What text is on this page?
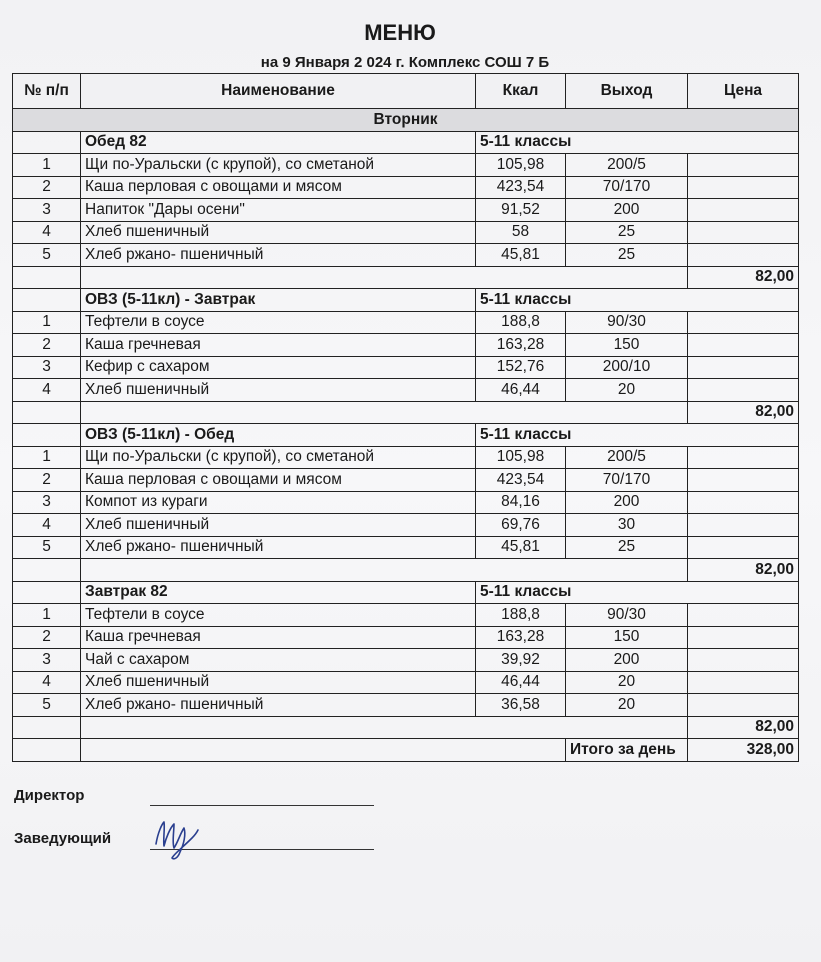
МЕНЮ
на 9 Января 2 024 г. Комплекс СОШ 7 Б
№ п/п	Наименование	Ккал	Выход	Цена
Вторник				
	Обед 82	5-11 классы		
1	Щи по-Уральски (с крупой), со сметаной	105,98	200/5	
2	Каша перловая с овощами и мясом	423,54	70/170	
3	Напиток "Дары осени"	91,52	200	
4	Хлеб пшеничный	58	25	
5	Хлеб ржано- пшеничный	45,81	25	
				82,00
	ОВЗ (5-11кл) - Завтрак	5-11 классы		
1	Тефтели в соусе	188,8	90/30	
2	Каша гречневая	163,28	150	
3	Кефир с сахаром	152,76	200/10	
4	Хлеб пшеничный	46,44	20	
				82,00
	ОВЗ (5-11кл) - Обед	5-11 классы		
1	Щи по-Уральски (с крупой), со сметаной	105,98	200/5	
2	Каша перловая с овощами и мясом	423,54	70/170	
3	Компот из кураги	84,16	200	
4	Хлеб пшеничный	69,76	30	
5	Хлеб ржано- пшеничный	45,81	25	
				82,00
	Завтрак 82	5-11 классы		
1	Тефтели в соусе	188,8	90/30	
2	Каша гречневая	163,28	150	
3	Чай с сахаром	39,92	200	
4	Хлеб пшеничный	46,44	20	
5	Хлеб ржано- пшеничный	36,58	20	
				82,00
			Итого за день	328,00
Директор
Заведующий
